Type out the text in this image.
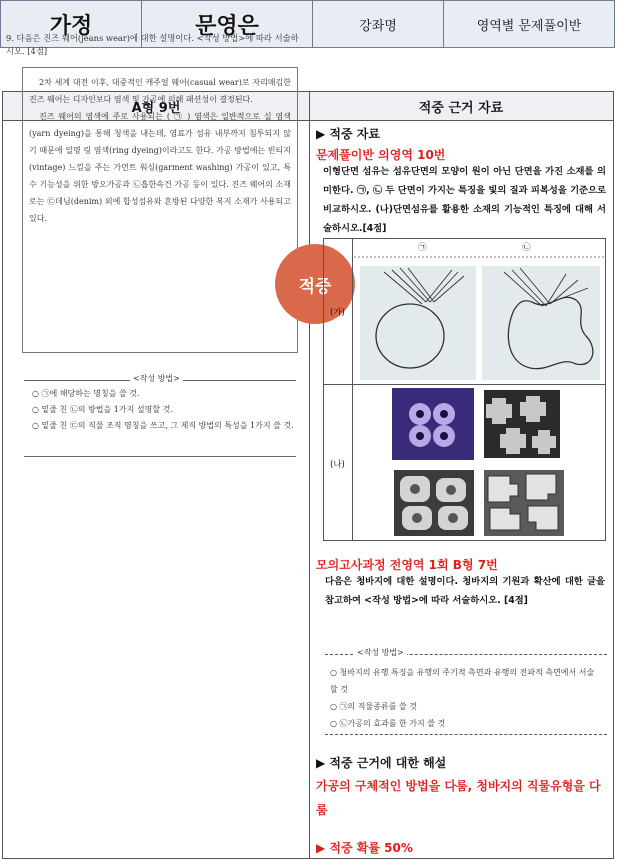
가정	문영은	강좌명	영역별 문제풀이반
A형 9번	적중 근거 자료
9. 다음은 진즈 웨어(jeans wear)에 대한 설명이다. <작성 방법>에 따라 서술하시오. [4점]

2차 세계 대전 이후, 대중적인 캐주얼 웨어(casual wear)로 자리매김한 진즈 웨어는 디자인보다 염색 및 가공에 의해 패션성이 결정된다.

진즈 웨어의 염색에 주로 사용되는 ( ㉠ ) 염색은 일반적으로 실 염색(yarn dyeing)을 통해 청색을 내는데, 염료가 섬유 내부까지 침투되지 않기 때문에 일명 링 염색(ring dyeing)이라고도 한다. 가공 방법에는 빈티지(vintage) 느낌을 주는 가먼트 워싱(garment washing) 가공이 있고, 특수 기능성을 위한 방오가공과 ㉡흡한속건 가공 등이 있다. 진즈 웨어의 소재로는 ㉢데님(denim) 외에 합성섬유와 혼방된 다양한 복지 소재가 사용되고 있다.

<작성 방법>
○ ㉠에 해당하는 명칭을 쓸 것.
○ 밑줄 친 ㉡의 방법을 1가지 설명할 것.
○ 밑줄 친 ㉢의 직물 조직 명칭을 쓰고, 그 제직 방법의 특성을 1가지 쓸 것.
적중
▶ 적중 자료
문제풀이반 의영역 10번
이형단면 섬유는 섬유단면의 모양이 원이 아닌 단면을 가진 소재를 의미한다. ㉠, ㉡ 두 단면이 가지는 특징을 빛의 질과 피복성을 기준으로 비교하시오. (나)단면섬유를 활용한 소재의 기능적인 특징에 대해 서술하시오.[4점]
(가)
(나)
㉠	㉡
모의고사과정 전영역 1회 B형 7번
다음은 청바지에 대한 설명이다. 청바지의 기원과 확산에 대한 글을 참고하여 <작성 방법>에 따라 서술하시오. [4점]
<작성 방법>
○ 청바지의 유행 특징을 유행의 주기적 측면과 유행의 전파적 측면에서 서술할 것
○ ㉠의 직물종류를 쓸 것
○ ㉡가공의 효과를 한 가지 쓸 것
▶ 적중 근거에 대한 해설
가공의 구체적인 방법을 다룸, 청바지의 직물유형을 다룸
▶ 적중 확률 50%
